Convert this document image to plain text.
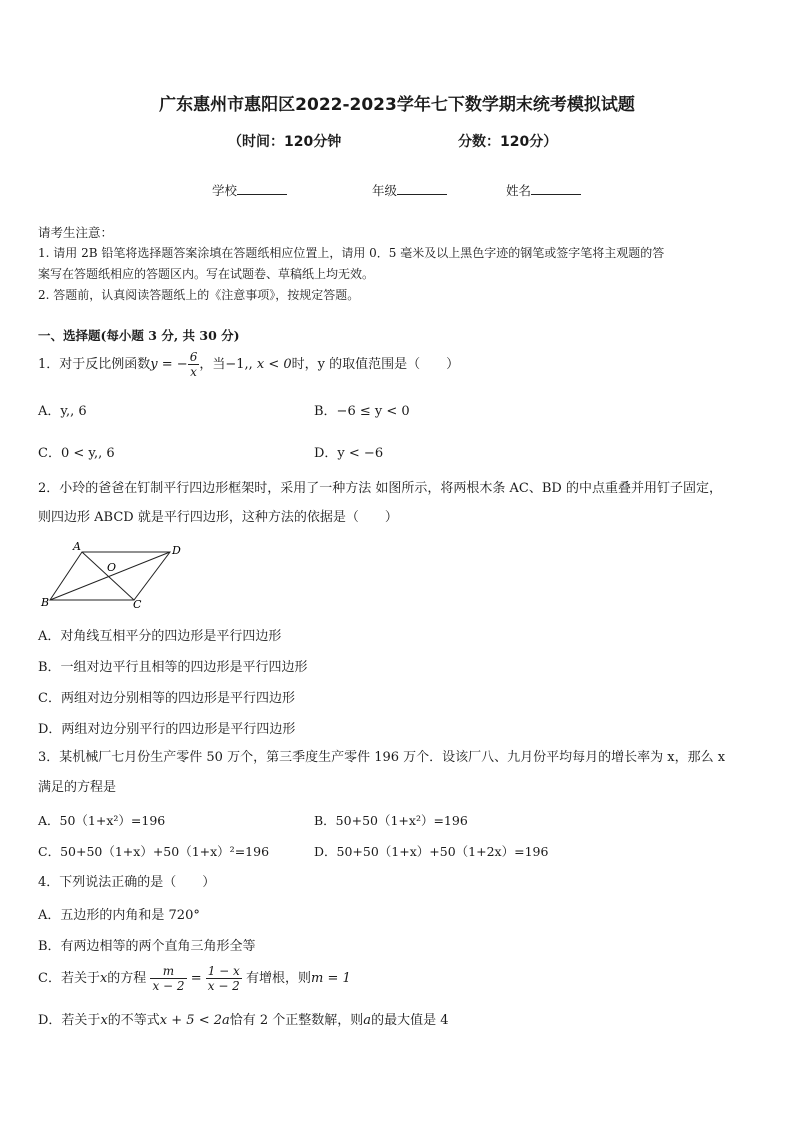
广东惠州市惠阳区2022-2023学年七下数学期末统考模拟试题
（时间：120分钟	分数：120分）
学校	年级	姓名
请考生注意：
1. 请用 2B 铅笔将选择题答案涂填在答题纸相应位置上，请用 0．5 毫米及以上黑色字迹的钢笔或签字笔将主观题的答
案写在答题纸相应的答题区内。写在试题卷、草稿纸上均无效。
2. 答题前，认真阅读答题纸上的《注意事项》，按规定答题。
一、选择题(每小题 3 分, 共 30 分)
1．对于反比例函数y = − $\frac{6}{x}$ ，当−1,, x < 0时，y 的取值范围是（　　）
A．y,, 6	B．−6 ≤ y < 0
C．0 < y,, 6	D．y < −6
2．小玲的爸爸在钉制平行四边形框架时，采用了一种方法 如图所示，将两根木条 AC、BD 的中点重叠并用钉子固定，
则四边形 ABCD 就是平行四边形，这种方法的依据是（　　）
A	D
B	C
O
A．对角线互相平分的四边形是平行四边形
B．一组对边平行且相等的四边形是平行四边形
C．两组对边分别相等的四边形是平行四边形
D．两组对边分别平行的四边形是平行四边形
3．某机械厂七月份生产零件 50 万个，第三季度生产零件 196 万个．设该厂八、九月份平均每月的增长率为 x，那么 x
满足的方程是
A．50（1+x²）=196	B．50+50（1+x²）=196
C．50+50（1+x）+50（1+x）²=196	D．50+50（1+x）+50（1+2x）=196
4．下列说法正确的是（　　）
A．五边形的内角和是 720°
B．有两边相等的两个直角三角形全等
C．若关于x的方程 $\frac{m}{x - 2} = \frac{1 - x}{x - 2}$ 有增根，则m = 1
D．若关于x的不等式x + 5 < 2a恰有 2 个正整数解，则a的最大值是 4
